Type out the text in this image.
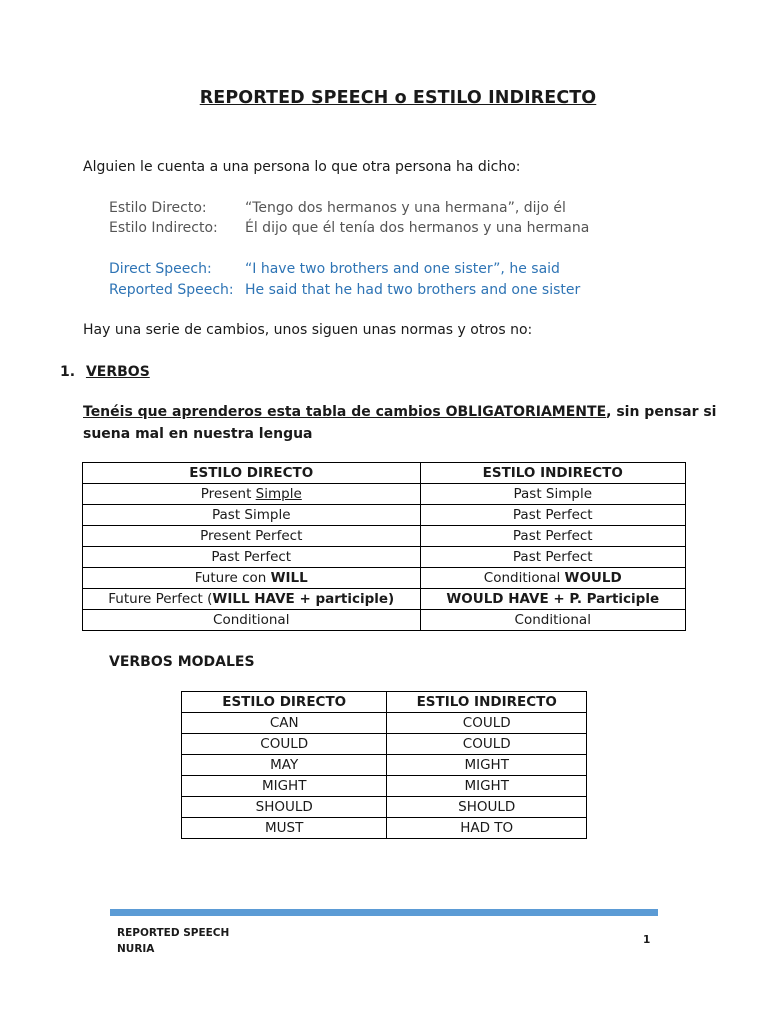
REPORTED SPEECH o ESTILO INDIRECTO
Alguien le cuenta a una persona lo que otra persona ha dicho:
Estilo Directo:	“Tengo dos hermanos y una hermana”, dijo él
Estilo Indirecto: Él dijo que él tenía dos hermanos y una hermana
Direct Speech: “I have two brothers and one sister”, he said
Reported Speech: He said that he had two brothers and one sister
Hay una serie de cambios, unos siguen unas normas y otros no:
1. VERBOS
Tenéis que aprenderos esta tabla de cambios OBLIGATORIAMENTE, sin pensar si
suena mal en nuestra lengua
ESTILO DIRECTO	ESTILO INDIRECTO
Present Simple	Past Simple
Past Simple	Past Perfect
Present Perfect	Past Perfect
Past Perfect	Past Perfect
Future con WILL	Conditional WOULD
Future Perfect (WILL HAVE + participle)	WOULD HAVE + P. Participle
Conditional	Conditional
VERBOS MODALES
ESTILO DIRECTO	ESTILO INDIRECTO
CAN	COULD
COULD	COULD
MAY	MIGHT
MIGHT	MIGHT
SHOULD	SHOULD
MUST	HAD TO
REPORTED SPEECH
NURIA
1
